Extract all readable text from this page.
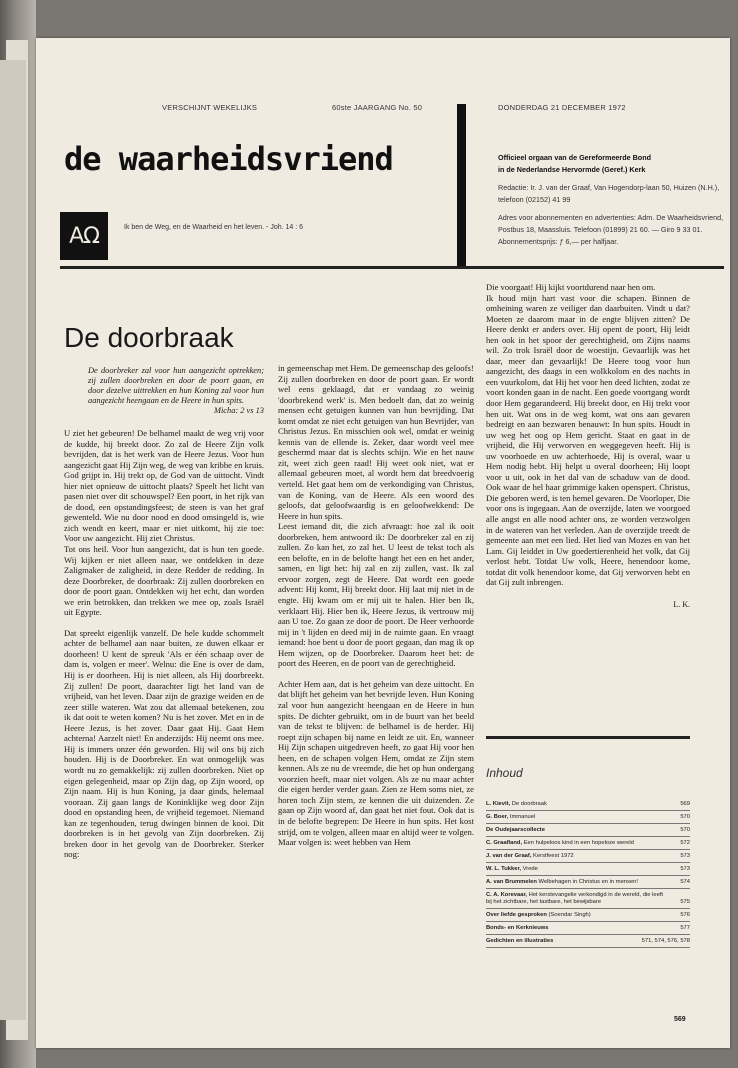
VERSCHIJNT WEKELIJKS	60ste JAARGANG No. 50	DONDERDAG 21 DECEMBER 1972
de waarheidsvriend
ΑΩ	Ik ben de Weg, en de Waarheid en het leven. - Joh. 14 : 6
Officieel orgaan van de Gereformeerde Bond
in de Nederlandse Hervormde (Geref.) Kerk
Redactie: Ir. J. van der Graaf, Van Hogendorp-laan 50, Huizen (N.H.), telefoon (02152) 41 99
Adres voor abonnementen en advertenties: Adm. De Waarheidsvriend, Postbus 18, Maassluis. Telefoon (01899) 21 60. — Giro 9 33 01. Abonnementsprijs: ƒ 6,— per halfjaar.
De doorbraak
De doorbreker zal voor hun aangezicht optrekken; zij zullen doorbreken en door de poort gaan, en door dezelve uittrekken en hun Koning zal voor hun aangezicht heengaan en de Heere in hun spits.
Micha: 2 vs 13

U ziet het gebeuren! De belhamel maakt de weg vrij voor de kudde, hij breekt door. Zo zal de Heere Zijn volk bevrijden, dat is het werk van de Heere Jezus. Voor hun aangezicht gaat Hij Zijn weg, de weg van kribbe en kruis. God grijpt in. Hij trekt op, de God van de uittocht. Vindt hier niet opnieuw de uittocht plaats? Speelt het licht van pasen niet over dit schouwspel? Een poort, in het rijk van de dood, een opstandingsfeest; de steen is van het graf gewenteld. Wie nu door nood en dood omsingeld is, wie zich wendt en keert, maar er niet uitkomt, hij zie toe: Voor uw aangezicht. Hij ziet Christus.

Tot ons heil. Voor hun aangezicht, dat is hun ten goede. Wij kijken er niet alleen naar, we ontdekken in deze Zaligmaker de zaligheid, in deze Redder de redding. In deze Doorbreker, de doorbraak: Zij zullen doorbreken en door de poort gaan. Ontdekken wij het echt, dan worden we erin betrokken, dan trekken we mee op, zoals Israël uit Egypte.

Dat spreekt eigenlijk vanzelf. De hele kudde schommelt achter de belhamel aan naar buiten, ze duwen elkaar er doorheen! U kent de spreuk 'Als er één schaap over de dam is, volgen er meer'. Welnu: die Ene is over de dam, Hij is er doorheen. Hij is niet alleen, als Hij doorbreekt. Zij zullen! De poort, daarachter ligt het land van de vrijheid, van het leven. Daar zijn de grazige weiden en de zeer stille wateren. Wat zou dat allemaal betekenen, zou ik dat ooit te weten komen? Nu is het zover. Met en in de Heere Jezus, is het zover. Daar gaat Hij. Gaat Hem achterna! Aarzelt niet! En anderzijds: Hij neemt ons mee. Hij is immers onzer één geworden. Hij wil ons bij zich houden. Hij is de Doorbreker. En wat onmogelijk was wordt nu zo gemakkelijk: zij zullen doorbreken. Niet op eigen gelegenheid, maar op Zijn dag, op Zijn woord, op Zijn naam. Hij is hun Koning, ja daar ginds, helemaal vooraan. Zij gaan langs de Koninklijke weg door Zijn dood en opstanding heen, de vrijheid tegemoet. Niemand kan ze tegenhouden, terug dwingen binnen de kooi. Dit doorbreken is in het gevolg van Zijn doorbreken. Zij breken door in het gevolg van de Doorbreker. Sterker nog:

in gemeenschap met Hem. De gemeenschap des geloofs!

Zij zullen doorbreken en door de poort gaan. Er wordt wel eens geklaagd, dat er vandaag zo weinig 'doorbrekend werk' is. Men bedoelt dan, dat zo weinig mensen echt getuigen kunnen van hun bevrijding. Dat komt omdat ze niet echt getuigen van hun Bevrijder, van Christus Jezus. En misschien ook wel, omdat er weinig kennis van de ellende is. Zeker, daar wordt veel mee geschermd maar dat is slechts schijn. Wie en het nauw zit, weet zich geen raad! Hij weet ook niet, wat er allemaal gebeuren moet, al wordt hem dat breedvoerig verteld. Het gaat hem om de verkondiging van Christus, van de Koning, van de Heere. Als een woord des geloofs, dat geloofwaardig is en geloofwekkend: De Heere in hun spits.

Leest iemand dit, die zich afvraagt: hoe zal ik ooit doorbreken, hem antwoord ik: De doorbreker zal en zij zullen. Zo kan het, zo zal het. U leest de tekst toch als een belofte, en in de belofte hangt het een en het ander, samen, en ligt het: hij zal en zij zullen, vast. Ik zal ervoor zorgen, zegt de Heere. Dat wordt een goede advent: Hij komt, Hij breekt door. Hij laat mij niet in de engte. Hij kwam om er mij uit te halen. Hier ben Ik, verklaart Hij. Hier ben ik, Heere Jezus, ik vertrouw mij aan U toe. Zo gaan ze door de poort. De Heer verhoorde mij in 't lijden en deed mij in de ruimte gaan. En vraagt iemand: hoe bent u door de poort gegaan, dan mag ik op Hem wijzen, op de Doorbreker. Daarom heet het: de poort des Heeren, en de poort van de gerechtigheid.

Achter Hem aan, dat is het geheim van deze uittocht. En dat blijft het geheim van het bevrijde leven. Hun Koning zal voor hun aangezicht heengaan en de Heere in hun spits. De dichter gebruikt, om in de buurt van het beeld van de tekst te blijven: de belhamel is de herder. Hij roept zijn schapen bij name en leidt ze uit. En, wanneer Hij Zijn schapen uitgedreven heeft, zo gaat Hij voor hen heen, en de schapen volgen Hem, omdat ze Zijn stem kennen. Als ze nu de vreemde, die het op hun ondergang voorzien heeft, maar niet volgen. Als ze nu maar achter die eigen herder verder gaan. Zien ze Hem soms niet, ze horen toch Zijn stem, ze kennen die uit duizenden. Ze gaan op Zijn woord af, dan gaat het niet fout. Ook dat is in de belofte begrepen: De Heere in hun spits. Het kost strijd, om te volgen, alleen maar en altijd weer te volgen. Maar volgen is: weet hebben van Hem

Die voorgaat! Hij kijkt voortdurend naar hen om.

Ik houd mijn hart vast voor die schapen. Binnen de omheining waren ze veiliger dan daarbuiten. Vindt u dat? Moeten ze daarom maar in de engte blijven zitten? De Heere denkt er anders over. Hij opent de poort, Hij leidt hen ook in het spoor der gerechtigheid, om Zijns naams wil. Zo trok Israël door de woestijn. Gevaarlijk was het daar, meer dan gevaarlijk! De Heere toog voor hun aangezicht, des daags in een wolkkolom en des nachts in een vuurkolom, dat Hij het voor hen deed lichten, zodat ze voort konden gaan in de nacht. Een goede voortgang wordt door Hem gegarandeerd. Hij breekt door, en Hij trekt voor hen uit. Wat ons in de weg komt, wat ons aan gevaren bedreigt en aan bezwaren benauwt: In hun spits. Houdt in uw weg het oog op Hem gericht. Staat en gaat in de vrijheid, die Hij verworven en weggegeven heeft. Hij is uw voorhoede en uw achterhoede, Hij is overal, waar u Hem nodig hebt. Hij helpt u overal doorheen; Hij loopt voor u uit, ook in het dal van de schaduw van de dood. Ook waar de hel haar grimmige kaken openspert. Christus, Die geboren werd, is ten hemel gevaren. De Voorloper, Die voor ons is ingegaan. Aan de overzijde, laten we voorgoed alle angst en alle nood achter ons, ze worden verzwolgen in de wateren van het verleden. Aan de overzijde treedt de gemeente aan met een lied. Het lied van Mozes en van het Lam. Gij leiddet in Uw goedertierenheid het volk, dat Gij verlost hebt. Totdat Uw volk, Heere, henendoor kome, totdat dit volk henendoor kome, dat Gij verworven hebt en dat Gij zult inbrengen.

L. K.
Inhoud
L. Kievit, De doorbraak	569
G. Boer, Immanuel	570
De Oudejaarscollecte	570
C. Graafland, Een hulpeloos kind in een hopeloze wereld	572
J. van der Graaf, Kerstfeest 1972	573
W. L. Tukker, Vrede	573
A. van Brummelen Welbehagen in Christus en in mensen!	574
C. A. Korevaar, Het kerstevangelie verkondigd in de wereld, die leeft bij het zichtbare, het tastbare, het bewijsbare	575
Over liefde gesproken (Soendar Singh)	576
Bonds- en Kerknieuws	577
Gedichten en illustraties	571, 574, 576, 578
569
